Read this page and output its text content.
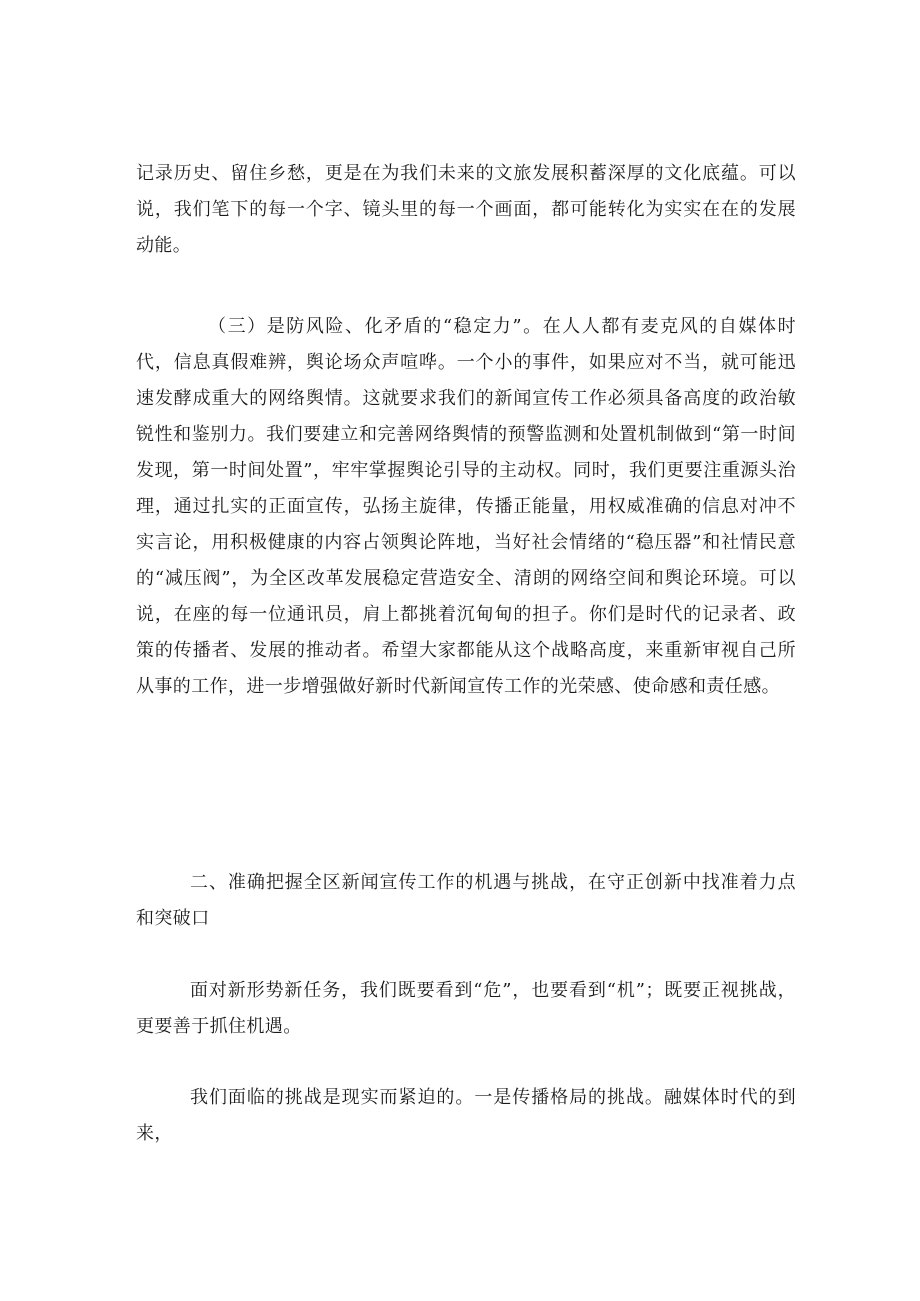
记录历史、留住乡愁，更是在为我们未来的文旅发展积蓄深厚的文化底蕴。可以说，我们笔下的每一个字、镜头里的每一个画面，都可能转化为实实在在的发展动能。

（三）是防风险、化矛盾的“稳定力”。在人人都有麦克风的自媒体时代，信息真假难辨，舆论场众声喧哗。一个小的事件，如果应对不当，就可能迅速发酵成重大的网络舆情。这就要求我们的新闻宣传工作必须具备高度的政治敏锐性和鉴别力。我们要建立和完善网络舆情的预警监测和处置机制做到“第一时间发现，第一时间处置”，牢牢掌握舆论引导的主动权。同时，我们更要注重源头治理，通过扎实的正面宣传，弘扬主旋律，传播正能量，用权威准确的信息对冲不实言论，用积极健康的内容占领舆论阵地，当好社会情绪的“稳压器”和社情民意的“减压阀”，为全区改革发展稳定营造安全、清朗的网络空间和舆论环境。可以说，在座的每一位通讯员，肩上都挑着沉甸甸的担子。你们是时代的记录者、政策的传播者、发展的推动者。希望大家都能从这个战略高度，来重新审视自己所从事的工作，进一步增强做好新时代新闻宣传工作的光荣感、使命感和责任感。

二、准确把握全区新闻宣传工作的机遇与挑战，在守正创新中找准着力点和突破口

面对新形势新任务，我们既要看到“危”，也要看到“机”；既要正视挑战，更要善于抓住机遇。

我们面临的挑战是现实而紧迫的。一是传播格局的挑战。融媒体时代的到来，
